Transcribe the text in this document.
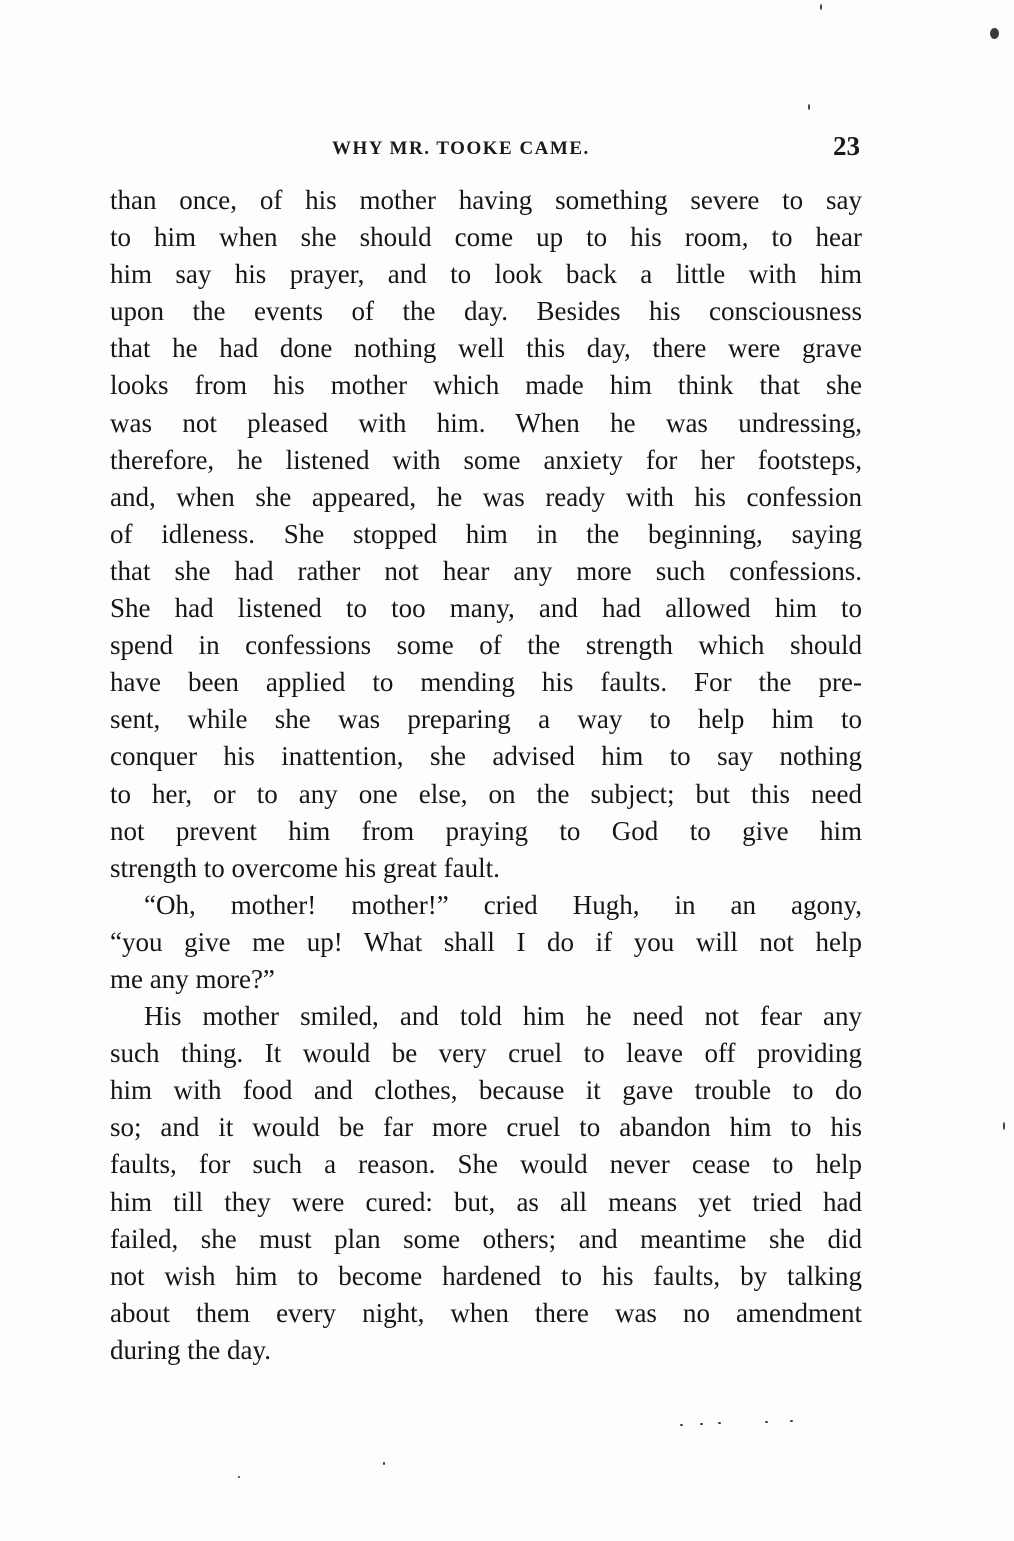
WHY MR. TOOKE CAME.	23
than once, of his mother having something severe to say
to him when she should come up to his room, to hear
him say his prayer, and to look back a little with him
upon the events of the day. Besides his consciousness
that he had done nothing well this day, there were grave
looks from his mother which made him think that she
was not pleased with him. When he was undressing,
therefore, he listened with some anxiety for her footsteps,
and, when she appeared, he was ready with his confession
of idleness. She stopped him in the beginning, saying
that she had rather not hear any more such confessions.
She had listened to too many, and had allowed him to
spend in confessions some of the strength which should
have been applied to mending his faults. For the pre-
sent, while she was preparing a way to help him to
conquer his inattention, she advised him to say nothing
to her, or to any one else, on the subject; but this need
not prevent him from praying to God to give him
strength to overcome his great fault.
“Oh, mother! mother!” cried Hugh, in an agony,
“you give me up! What shall I do if you will not help
me any more?”
His mother smiled, and told him he need not fear any
such thing. It would be very cruel to leave off providing
him with food and clothes, because it gave trouble to do
so; and it would be far more cruel to abandon him to his
faults, for such a reason. She would never cease to help
him till they were cured: but, as all means yet tried had
failed, she must plan some others; and meantime she did
not wish him to become hardened to his faults, by talking
about them every night, when there was no amendment
during the day.
